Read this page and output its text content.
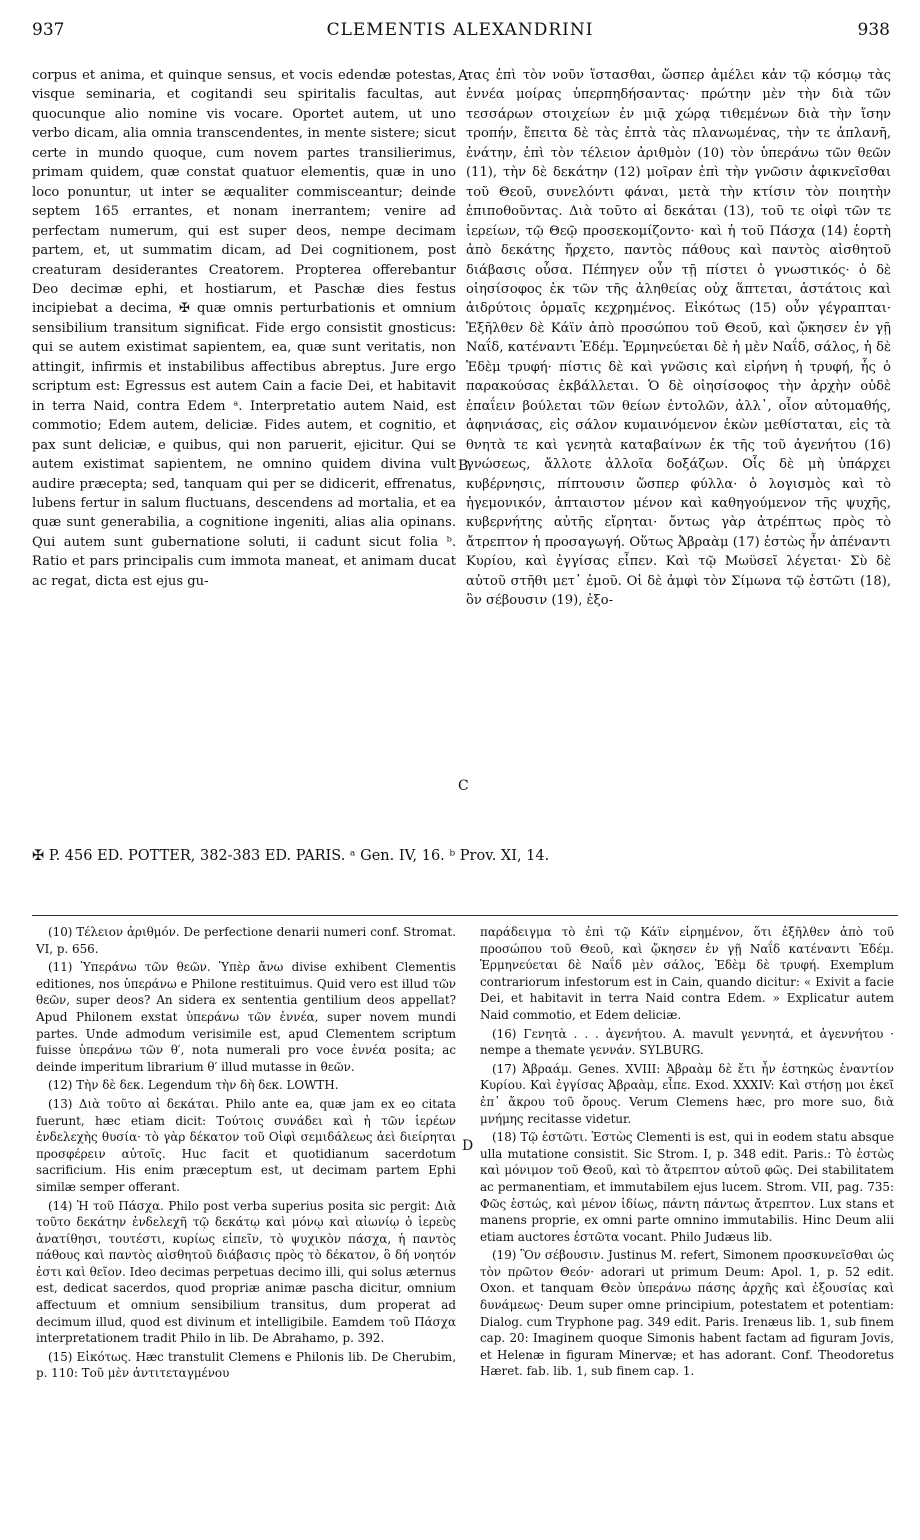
937	CLEMENTIS ALEXANDRINI	938
A
B
C
D

corpus et anima, et quinque sensus, et vocis edendæ potestas, visque seminaria, et cogitandi seu spiritalis facultas, aut quocunque alio nomine vis vocare. Oportet autem, ut uno verbo dicam, alia omnia transcendentes, in mente sistere; sicut certe in mundo quoque, cum novem partes transilierimus, primam quidem, quæ constat quatuor elementis, quæ in uno loco ponuntur, ut inter se æqualiter commisceantur; deinde septem 165 errantes, et nonam inerrantem; venire ad perfectam numerum, qui est super deos, nempe decimam partem, et, ut summatim dicam, ad Dei cognitionem, post creaturam desiderantes Creatorem. Propterea offerebantur Deo decimæ ephi, et hostiarum, et Paschæ dies festus incipiebat a decima, ✠ quæ omnis perturbationis et omnium sensibilium transitum significat. Fide ergo consistit gnosticus: qui se autem existimat sapientem, ea, quæ sunt veritatis, non attingit, infirmis et instabilibus affectibus abreptus. Jure ergo scriptum est: Egressus est autem Cain a facie Dei, et habitavit in terra Naid, contra Edem ᵃ. Interpretatio autem Naid, est commotio; Edem autem, deliciæ. Fides autem, et cognitio, et pax sunt deliciæ, e quibus, qui non paruerit, ejicitur. Qui se autem existimat sapientem, ne omnino quidem divina vult audire præcepta; sed, tanquam qui per se didicerit, effrenatus, lubens fertur in salum fluctuans, descendens ad mortalia, et ea quæ sunt generabilia, a cognitione ingeniti, alias alia opinans. Qui autem sunt gubernatione soluti, ii cadunt sicut folia ᵇ. Ratio et pars principalis cum immota maneat, et animam ducat ac regat, dicta est ejus gu-

τας ἐπὶ τὸν νοῦν ἵστασθαι, ὥσπερ ἀμέλει κἀν τῷ κόσμῳ τὰς ἐννέα μοίρας ὑπερπηδήσαντας· πρώτην μὲν τὴν διὰ τῶν τεσσάρων στοιχείων ἐν μιᾷ χώρᾳ τιθεμένων διὰ τὴν ἴσην τροπήν, ἔπειτα δὲ τὰς ἑπτὰ τὰς πλανωμένας, τὴν τε ἀπλανῆ, ἐνάτην, ἐπὶ τὸν τέλειον ἀριθμὸν (10) τὸν ὑπεράνω τῶν θεῶν (11), τὴν δὲ δεκάτην (12) μοῖραν ἐπὶ τὴν γνῶσιν ἀφικνεῖσθαι τοῦ Θεοῦ, συνελόντι φάναι, μετὰ τὴν κτίσιν τὸν ποιητὴν ἐπιποθοῦντας. Διὰ τοῦτο αἱ δεκάται (13), τοῦ τε οἰφὶ τῶν τε ἱερείων, τῷ Θεῷ προσεκομίζοντο· καὶ ἡ τοῦ Πάσχα (14) ἑορτὴ ἀπὸ δεκάτης ἤρχετο, παντὸς πάθους καὶ παντὸς αἰσθητοῦ διάβασις οὖσα. Πέπηγεν οὖν τῇ πίστει ὁ γνωστικός· ὁ δὲ οἰησίσοφος ἐκ τῶν τῆς ἀληθείας οὐχ ἅπτεται, ἀστάτοις καὶ ἀιδρύτοις ὁρμαῖς κεχρημένος. Εἰκότως (15) οὖν γέγραπται· Ἐξῆλθεν δὲ Κάϊν ἀπὸ προσώπου τοῦ Θεοῦ, καὶ ᾤκησεν ἐν γῇ Ναΐδ, κατέναντι Ἐδέμ. Ἑρμηνεύεται δὲ ἡ μὲν Ναΐδ, σάλος, ἡ δὲ Ἐδὲμ τρυφή· πίστις δὲ καὶ γνῶσις καὶ εἰρήνη ἡ τρυφή, ἧς ὁ παρακούσας ἐκβάλλεται. Ὁ δὲ οἰησίσοφος τὴν ἀρχὴν οὐδὲ ἐπαΐειν βούλεται τῶν θείων ἐντολῶν, ἀλλ᾽, οἷον αὐτομαθής, ἀφηνιάσας, εἰς σάλον κυμαινόμενον ἑκὼν μεθίσταται, εἰς τὰ θνητὰ τε καὶ γενητὰ καταβαίνων ἐκ τῆς τοῦ ἀγενήτου (16) γνώσεως, ἄλλοτε ἀλλοῖα δοξάζων. Οἷς δὲ μὴ ὑπάρχει κυβέρνησις, πίπτουσιν ὥσπερ φύλλα· ὁ λογισμὸς καὶ τὸ ἡγεμονικόν, ἀπταιστον μένον καὶ καθηγούμενον τῆς ψυχῆς, κυβερνήτης αὐτῆς εἴρηται· ὄντως γὰρ ἀτρέπτως πρὸς τὸ ἄτρεπτον ἡ προσαγωγή. Οὕτως Ἀβραὰμ (17) ἑστὼς ἦν ἀπέναντι Κυρίου, καὶ ἐγγίσας εἶπεν. Καὶ τῷ Μωϋσεῖ λέγεται· Σὺ δὲ αὐτοῦ στῆθι μετ᾽ ἐμοῦ. Οἱ δὲ ἀμφὶ τὸν Σίμωνα τῷ ἑστῶτι (18), ὃν σέβουσιν (19), ἐξο-

✠ P. 456 ED. POTTER, 382-383 ED. PARIS. ᵃ Gen. IV, 16. ᵇ Prov. XI, 14.

(10) Τέλειον ἀριθμόν. De perfectione denarii numeri conf. Stromat. VI, p. 656.

(11) Ὑπεράνω τῶν θεῶν. Ὑπὲρ ἄνω divise exhibent Clementis editiones, nos ὑπεράνω e Philone restituimus. Quid vero est illud τῶν θεῶν, super deos? An sidera ex sententia gentilium deos appellat? Apud Philonem exstat ὑπεράνω τῶν ἐννέα, super novem mundi partes. Unde admodum verisimile est, apud Clementem scriptum fuisse ὑπεράνω τῶν θ′, nota numerali pro voce ἐννέα posita; ac deinde imperitum librarium θ′ illud mutasse in θεῶν.

(12) Τὴν δὲ δεκ. Legendum τὴν δὴ δεκ. LOWTH.

(13) Διὰ τοῦτο αἱ δεκάται. Philo ante ea, quæ jam ex eo citata fuerunt, hæc etiam dicit: Τούτοις συνάδει καὶ ἡ τῶν ἱερέων ἐνδελεχὴς θυσία· τὸ γὰρ δέκατον τοῦ Οἰφὶ σεμιδάλεως ἀεὶ διείρηται προσφέρειν αὐτοῖς. Huc facit et quotidianum sacerdotum sacrificium. His enim præceptum est, ut decimam partem Ephi similæ semper offerant.

(14) Ἡ τοῦ Πάσχα. Philo post verba superius posita sic pergit: Διὰ τοῦτο δεκάτην ἐνδελεχῆ τῷ δεκάτῳ καὶ μόνῳ καὶ αἰωνίῳ ὁ ἱερεὺς ἀνατίθησι, τουτέστι, κυρίως εἰπεῖν, τὸ ψυχικὸν πάσχα, ἡ παντὸς πάθους καὶ παντὸς αἰσθητοῦ διάβασις πρὸς τὸ δέκατον, ὃ δή νοητόν ἐστι καὶ θεῖον. Ideo decimas perpetuas decimo illi, qui solus æternus est, dedicat sacerdos, quod propriæ animæ pascha dicitur, omnium affectuum et omnium sensibilium transitus, dum properat ad decimum illud, quod est divinum et intelligibile. Eamdem τοῦ Πάσχα interpretationem tradit Philo in lib. De Abrahamo, p. 392.

(15) Εἰκότως. Hæc transtulit Clemens e Philonis lib. De Cherubim, p. 110: Τοῦ μὲν ἀντιτεταγμένου

παράδειγμα τὸ ἐπὶ τῷ Κάϊν εἰρημένον, ὅτι ἐξῆλθεν ἀπὸ τοῦ προσώπου τοῦ Θεοῦ, καὶ ᾤκησεν ἐν γῇ Ναΐδ κατέναντι Ἐδέμ. Ἑρμηνεύεται δὲ Ναΐδ μὲν σάλος, Ἐδὲμ δὲ τρυφή. Exemplum contrariorum infestorum est in Cain, quando dicitur: « Exivit a facie Dei, et habitavit in terra Naid contra Edem. » Explicatur autem Naid commotio, et Edem deliciæ.

(16) Γενητὰ . . . ἀγενήτου. A. mavult γεννητά, et ἀγεννήτου · nempe a themate γεννάν. SYLBURG.

(17) Ἀβραάμ. Genes. XVIII: Ἀβραὰμ δὲ ἔτι ἦν ἑστηκὼς ἐναντίον Κυρίου. Καὶ ἐγγίσας Ἀβραὰμ, εἶπε. Exod. XXXIV: Καὶ στήσῃ μοι ἐκεῖ ἐπ᾽ ἄκρου τοῦ ὄρους. Verum Clemens hæc, pro more suo, διὰ μνήμης recitasse videtur.

(18) Τῷ ἑστῶτι. Ἑστὼς Clementi is est, qui in eodem statu absque ulla mutatione consistit. Sic Strom. I, p. 348 edit. Paris.: Τὸ ἑστὼς καὶ μόνιμον τοῦ Θεοῦ, καὶ τὸ ἄτρεπτον αὐτοῦ φῶς. Dei stabilitatem ac permanentiam, et immutabilem ejus lucem. Strom. VII, pag. 735: Φῶς ἑστώς, καὶ μένον ἰδίως, πάντη πάντως ἄτρεπτον. Lux stans et manens proprie, ex omni parte omnino immutabilis. Hinc Deum alii etiam auctores ἑστῶτα vocant. Philo Judæus lib.

(19) Ὃν σέβουσιν. Justinus M. refert, Simonem προσκυνεῖσθαι ὡς τὸν πρῶτον Θεόν· adorari ut primum Deum: Apol. 1, p. 52 edit. Oxon. et tanquam Θεὸν ὑπεράνω πάσης ἀρχῆς καὶ ἐξουσίας καὶ δυνάμεως· Deum super omne principium, potestatem et potentiam: Dialog. cum Tryphone pag. 349 edit. Paris. Irenæus lib. 1, sub finem cap. 20: Imaginem quoque Simonis habent factam ad figuram Jovis, et Helenæ in figuram Minervæ; et has adorant. Conf. Theodoretus Hæret. fab. lib. 1, sub finem cap. 1.
